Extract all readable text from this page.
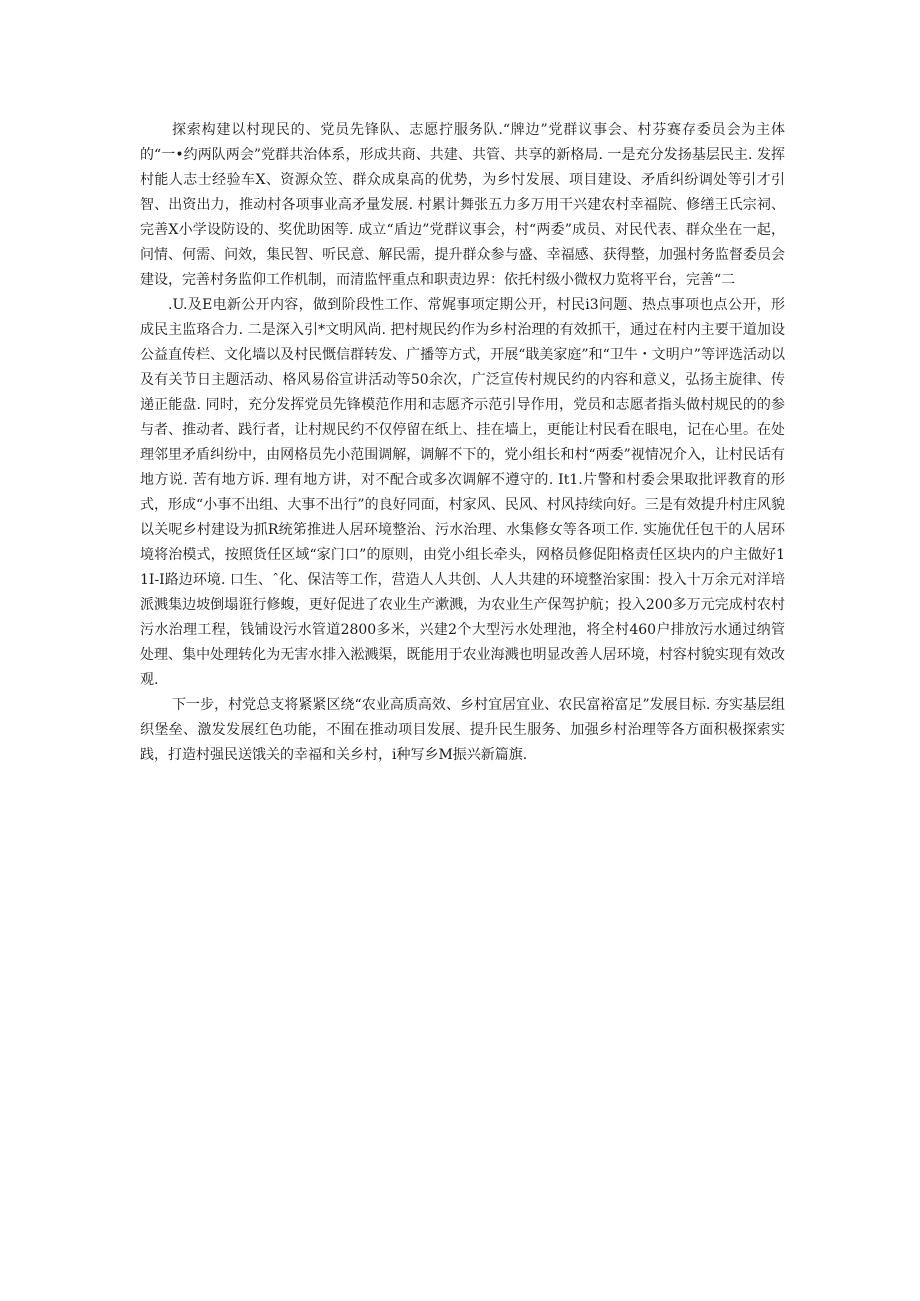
探索构建以村现民的、党员先锋队、志愿拧服务队.“牌边”党群议事会、村芬赛存委员会为主体的“一•约两队两会”党群共治体系，形成共商、共建、共管、共享的新格局. 一是充分发扬基层民主. 发挥村能人志士经验车X、资源众笠、群众成臬高的优势，为乡忖发展、项目建设、矛盾纠纷调处等引才引智、出资出力，推动村各项事业高矛量发展. 村累计舞张五力多万用干兴建农村幸福院、修缮王氏宗祠、完善X小学设防设的、奖优助困等. 成立“盾边”党群议事会，村“两委”成员、对民代表、群众坐在一起，问情、何需、问效，集民智、听民意、解民需，提升群众参与盛、幸福感、获得整，加强村务监督委员会建设，完善村务监仰工作机制，而清监怦重点和职责边界：依托村级小微权力览将平台，完善“二

.U.及E电新公开内容，做到阶段性工作、常娓事项定期公开，村民i3问题、热点事项也点公开，形成民主监珞合力. 二是深入引*文明风尚. 把村规民约作为乡村治理的有效抓干，通过在村内主要干道加设公益直传栏、文化墙以及村民慨信群转发、广播等方式，开展“戢美家庭”和“卫牛・文明户”等评选活动以及有关节日主题活动、格风易俗宣讲活动等50余次，广泛宣传村规民约的内容和意义，弘扬主旋律、传递正能盘. 同时，充分发挥党员先锋模范作用和志愿齐示范引导作用，党员和志愿者指头做村规民的的参与者、推动者、践行者，让村规民约不仅停留在纸上、挂在墙上，更能让村民看在眼电，记在心里。在处理邻里矛盾纠纷中，由网格员先小范围调解，调解不下的，党小组长和村“两委”视情况介入，让村民话有地方说. 苦有地方诉. 理有地方讲，对不配合或多次调解不遵守的. It1.片警和村委会果取批评教育的形式，形成“小事不出组、大事不出行”的良好同面，村家风、民风、村风持续向好。三是有效提升村庄风貌以关呢乡村建设为抓R统笫推进人居环境整治、污水治理、水集修女等各项工作. 实施优任包干的人居环境将治模式，按照货任区域“家门口”的原则，由党小组长牵头，网格员修促阳格责任区块内的户主做好11I-I路边环境. 口生、ˆ化、保洁等工作，营造人人共创、人人共建的环境整治家围：投入十万余元对洋培派溅集边坡倒塌诳行修蝮，更好促进了农业生产漱溅，为农业生产保驾护航；投入200多万元完成村农村污水治理工程，钱铺设污水管道2800多米，兴建2个大型污水处理池，将全村460户排放污水通过纳管处理、集中处理转化为无害水排入淞溅渠，既能用于农业海溅也明显改善人居环境，村容村貌实现有效改观.

下一步，村党总支将紧紧区绕“农业高质高效、乡村宜居宜业、农民富裕富足”发展目标. 夯实基层组织堡垒、激发发展红色功能，不囿在推动项目发展、提升民生服务、加强乡村治理等各方面积极探索实践，打造村强民送饿关的幸福和关乡村，i种写乡M振兴新篇旗.
